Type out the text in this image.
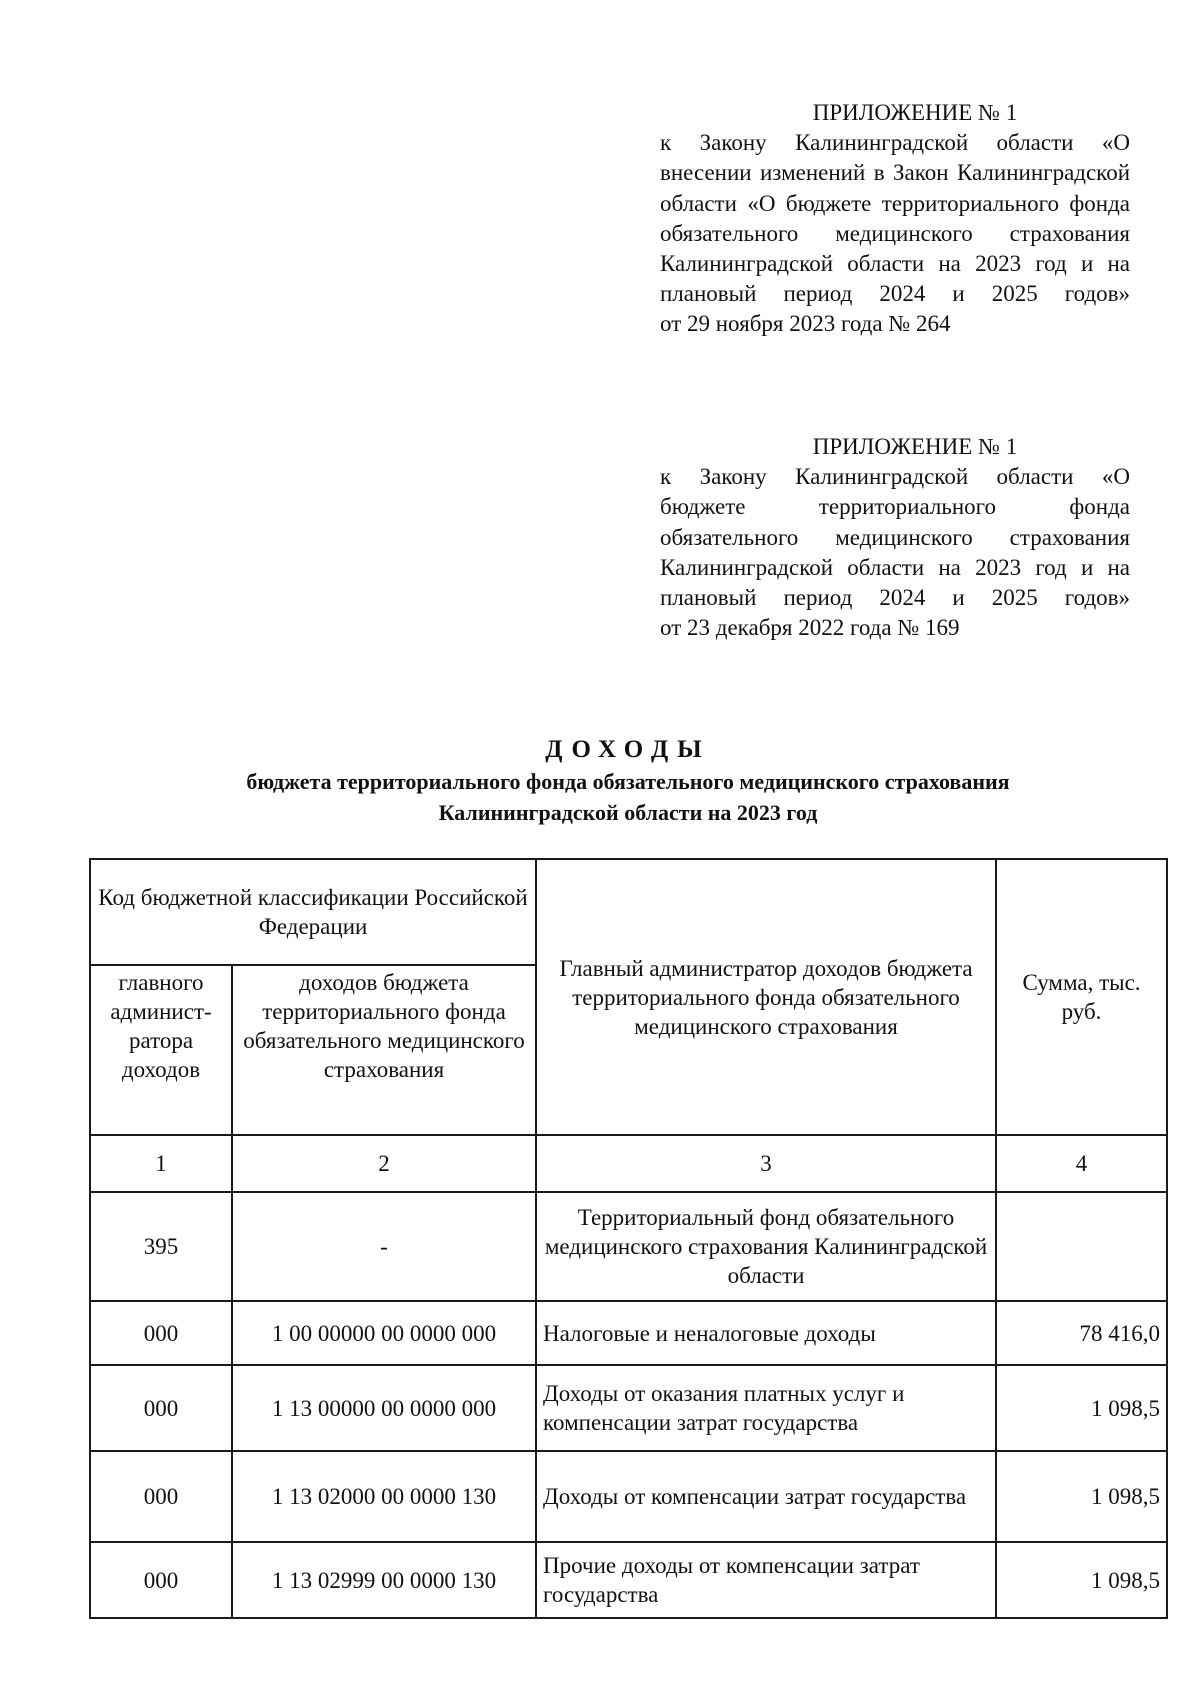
ПРИЛОЖЕНИЕ № 1
к Закону Калининградской области «О внесении изменений в Закон Калининградской области «О бюджете территориального фонда обязательного медицинского страхования Калининградской области на 2023 год и на плановый период 2024 и 2025 годов»
от 29 ноября 2023 года № 264
ПРИЛОЖЕНИЕ № 1
к Закону Калининградской области «О бюджете территориального фонда обязательного медицинского страхования Калининградской области на 2023 год и на плановый период 2024 и 2025 годов»
от 23 декабря 2022 года № 169
ДОХОДЫ
бюджета территориального фонда обязательного медицинского страхования
Калининградской области на 2023 год
Код бюджетной классификации Российской Федерации		Главный администратор доходов бюджета территориального фонда обязательного медицинского страхования	Сумма, тыс. руб.
главного админист-ратора доходов	доходов бюджета территориального фонда обязательного медицинского страхования		
1	2	3	4
395	-	Территориальный фонд обязательного медицинского страхования Калининградской области	
000	1 00 00000 00 0000 000	Налоговые и неналоговые доходы	78 416,0
000	1 13 00000 00 0000 000	Доходы от оказания платных услуг и компенсации затрат государства	1 098,5
000	1 13 02000 00 0000 130	Доходы от компенсации затрат государства	1 098,5
000	1 13 02999 00 0000 130	Прочие доходы от компенсации затрат государства	1 098,5
